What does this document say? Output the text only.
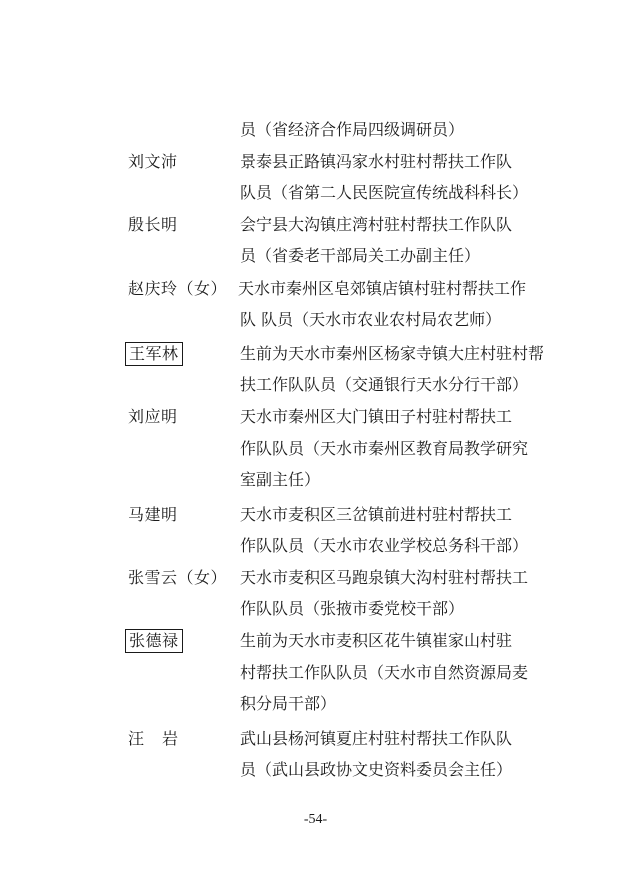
员（省经济合作局四级调研员）
刘文沛	景泰县正路镇冯家水村驻村帮扶工作队
队员（省第二人民医院宣传统战科科长）
殷长明	会宁县大沟镇庄湾村驻村帮扶工作队队
员（省委老干部局关工办副主任）
赵庆玲（女） 天水市秦州区皂郊镇店镇村驻村帮扶工作
队 队员（天水市农业农村局农艺师）
王军林	生前为天水市秦州区杨家寺镇大庄村驻村帮
扶工作队队员（交通银行天水分行干部）
刘应明	天水市秦州区大门镇田子村驻村帮扶工
作队队员（天水市秦州区教育局教学研究
室副主任）
马建明	天水市麦积区三岔镇前进村驻村帮扶工
作队队员（天水市农业学校总务科干部）
张雪云（女） 天水市麦积区马跑泉镇大沟村驻村帮扶工
作队队员（张掖市委党校干部）
张德禄	生前为天水市麦积区花牛镇崔家山村驻
村帮扶工作队队员（天水市自然资源局麦
积分局干部）
汪岩	武山县杨河镇夏庄村驻村帮扶工作队队
员（武山县政协文史资料委员会主任）
-54-
